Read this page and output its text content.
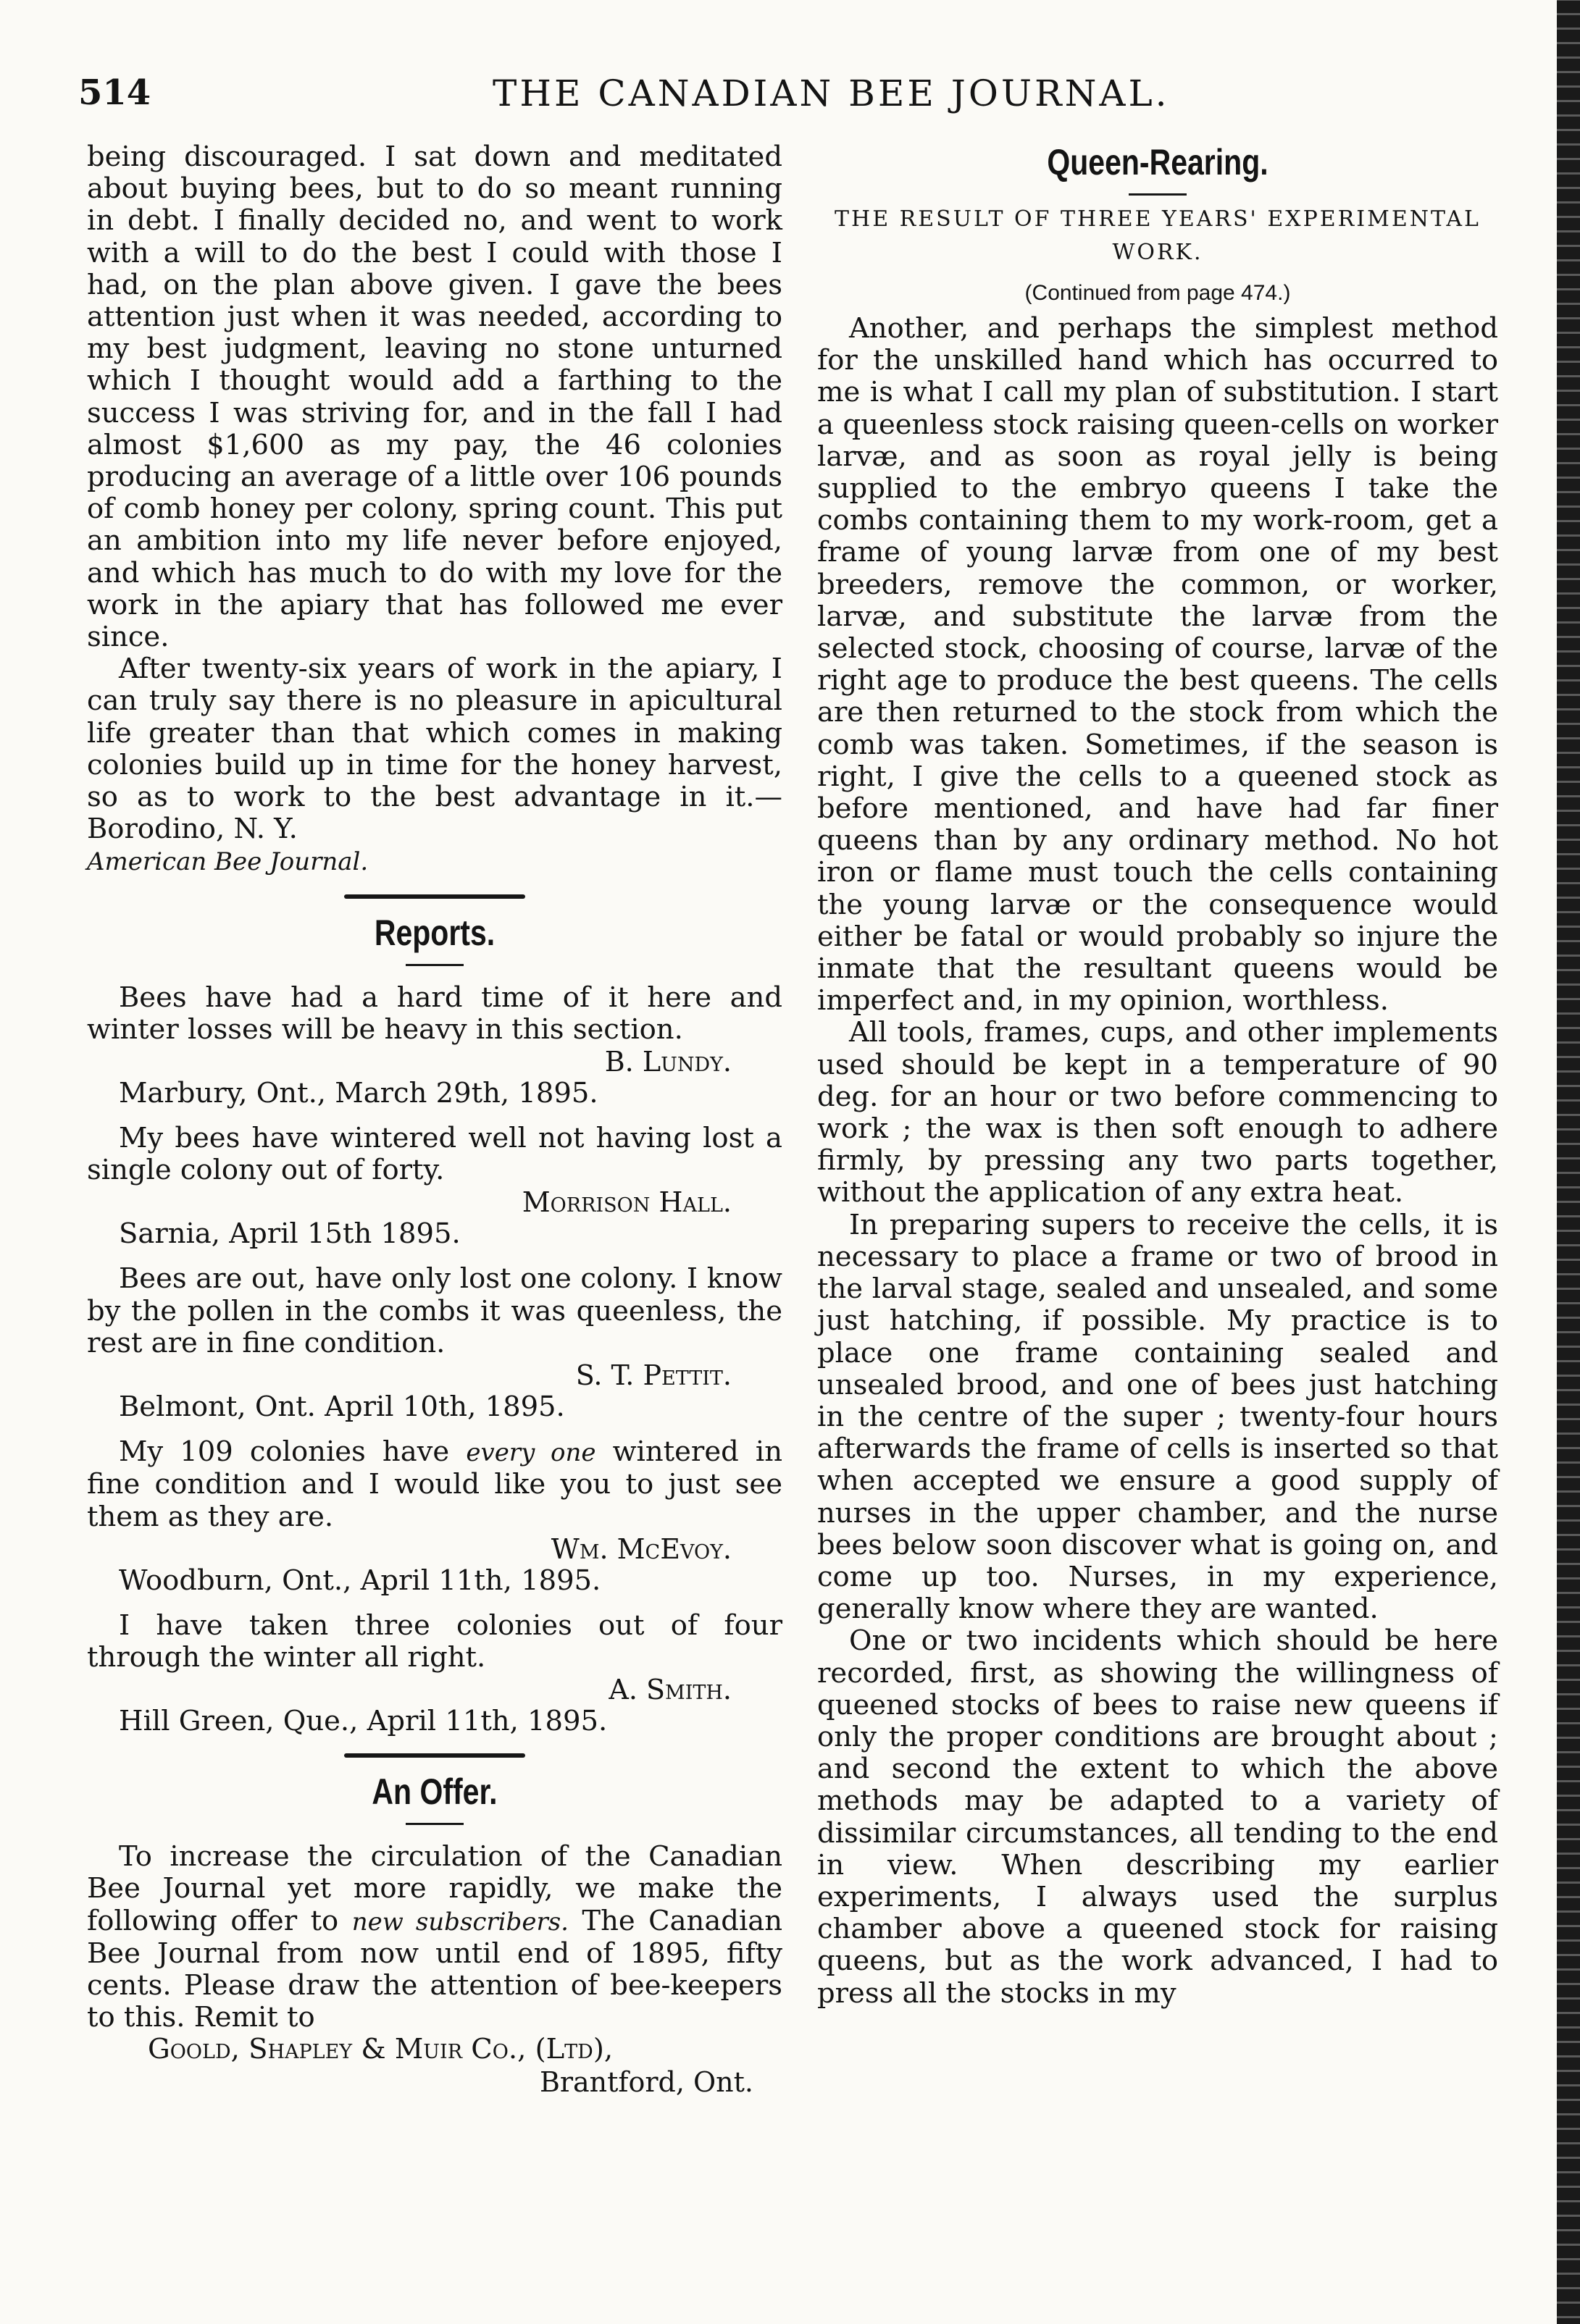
514	THE CANADIAN BEE JOURNAL.

being discouraged. I sat down and meditated about buying bees, but to do so meant running in debt. I finally decided no, and went to work with a will to do the best I could with those I had, on the plan above given. I gave the bees attention just when it was needed, according to my best judgment, leaving no stone unturned which I thought would add a farthing to the success I was striving for, and in the fall I had almost $1,600 as my pay, the 46 colonies producing an average of a little over 106 pounds of comb honey per colony, spring count. This put an ambition into my life never before enjoyed, and which has much to do with my love for the work in the apiary that has followed me ever since.

After twenty-six years of work in the apiary, I can truly say there is no pleasure in apicultural life greater than that which comes in making colonies build up in time for the honey harvest, so as to work to the best advantage in it.—Borodino, N. Y.
American Bee Journal.

Reports.

Bees have had a hard time of it here and winter losses will be heavy in this section.

B. Lundy.

Marbury, Ont., March 29th, 1895.

My bees have wintered well not having lost a single colony out of forty.

Morrison Hall.

Sarnia, April 15th 1895.

Bees are out, have only lost one colony. I know by the pollen in the combs it was queenless, the rest are in fine condition.

S. T. Pettit.

Belmont, Ont. April 10th, 1895.

My 109 colonies have every one wintered in fine condition and I would like you to just see them as they are.

Wm. McEvoy.

Woodburn, Ont., April 11th, 1895.

I have taken three colonies out of four through the winter all right.

A. Smith.

Hill Green, Que., April 11th, 1895.

An Offer.

To increase the circulation of the Canadian Bee Journal yet more rapidly, we make the following offer to new subscribers. The Canadian Bee Journal from now until end of 1895, fifty cents. Please draw the attention of bee-keepers to this. Remit to

Goold, Shapley & Muir Co., (Ltd),

Brantford, Ont.

Queen-Rearing.

THE RESULT OF THREE YEARS' EXPERIMENTAL WORK.

(Continued from page 474.)

Another, and perhaps the simplest method for the unskilled hand which has occurred to me is what I call my plan of substitution. I start a queenless stock raising queen-cells on worker larvæ, and as soon as royal jelly is being supplied to the embryo queens I take the combs containing them to my work-room, get a frame of young larvæ from one of my best breeders, remove the common, or worker, larvæ, and substitute the larvæ from the selected stock, choosing of course, larvæ of the right age to produce the best queens. The cells are then returned to the stock from which the comb was taken. Sometimes, if the season is right, I give the cells to a queened stock as before mentioned, and have had far finer queens than by any ordinary method. No hot iron or flame must touch the cells containing the young larvæ or the consequence would either be fatal or would probably so injure the inmate that the resultant queens would be imperfect and, in my opinion, worthless.

All tools, frames, cups, and other implements used should be kept in a temperature of 90 deg. for an hour or two before commencing to work ; the wax is then soft enough to adhere firmly, by pressing any two parts together, without the application of any extra heat.

In preparing supers to receive the cells, it is necessary to place a frame or two of brood in the larval stage, sealed and unsealed, and some just hatching, if possible. My practice is to place one frame containing sealed and unsealed brood, and one of bees just hatching in the centre of the super ; twenty-four hours afterwards the frame of cells is inserted so that when accepted we ensure a good supply of nurses in the upper chamber, and the nurse bees below soon discover what is going on, and come up too. Nurses, in my experience, generally know where they are wanted.

One or two incidents which should be here recorded, first, as showing the willingness of queened stocks of bees to raise new queens if only the proper conditions are brought about ; and second the extent to which the above methods may be adapted to a variety of dissimilar circumstances, all tending to the end in view. When describing my earlier experiments, I always used the surplus chamber above a queened stock for raising queens, but as the work advanced, I had to press all the stocks in my
